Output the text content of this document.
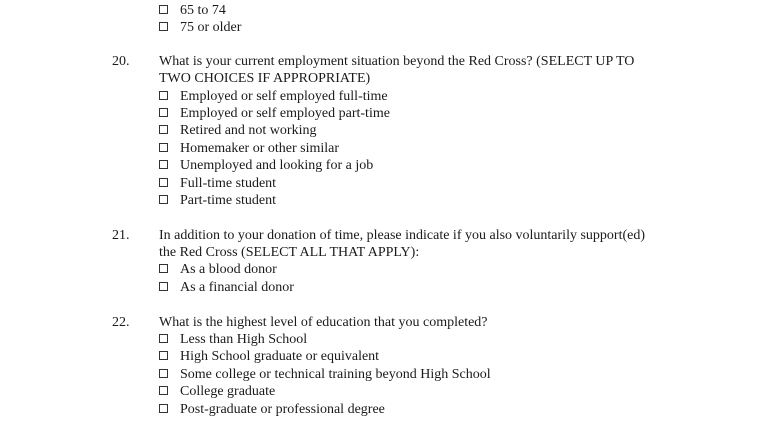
65 to 74
75 or older
20. What is your current employment situation beyond the Red Cross? (SELECT UP TO
TWO CHOICES IF APPROPRIATE)
Employed or self employed full-time
Employed or self employed part-time
Retired and not working
Homemaker or other similar
Unemployed and looking for a job
Full-time student
Part-time student
21. In addition to your donation of time, please indicate if you also voluntarily support(ed)
the Red Cross (SELECT ALL THAT APPLY):
As a blood donor
As a financial donor
22. What is the highest level of education that you completed?
Less than High School
High School graduate or equivalent
Some college or technical training beyond High School
College graduate
Post-graduate or professional degree
